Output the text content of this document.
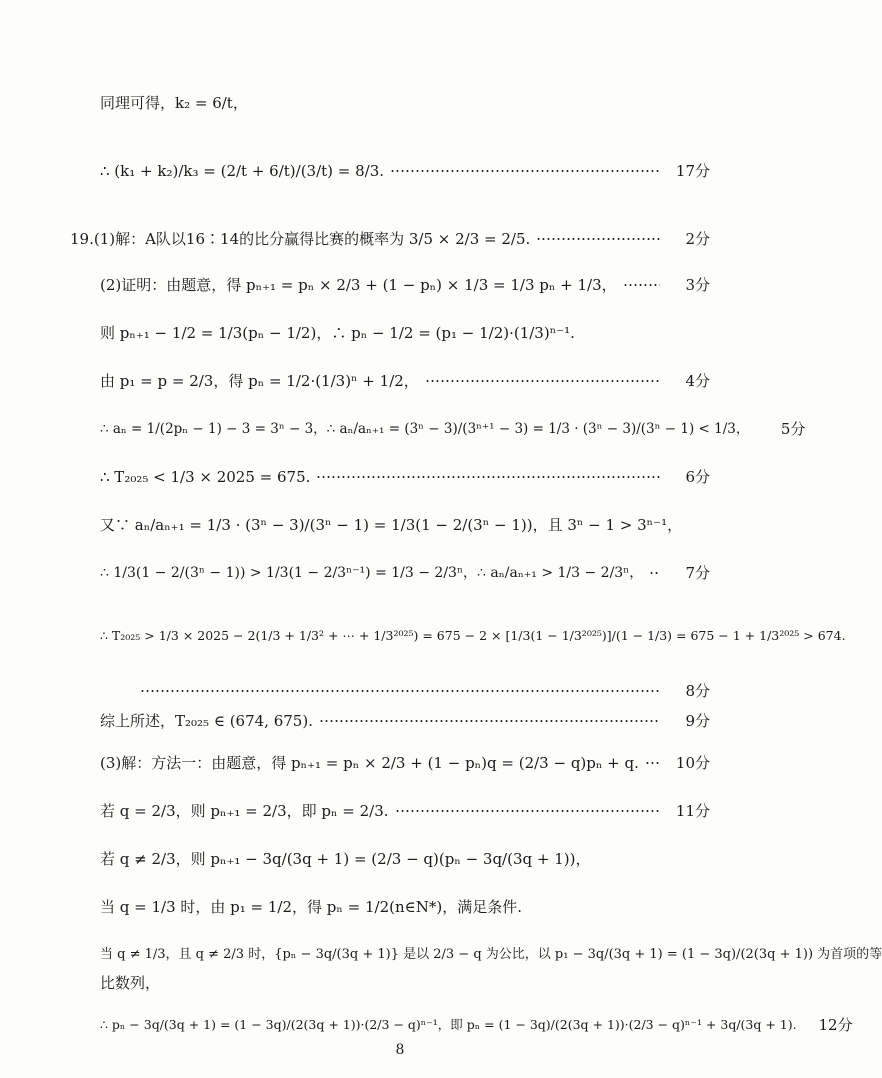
同理可得，k₂ = 6/t，
∴ (k₁ + k₂)/k₃ = (2/t + 6/t)/(3/t) = 8/3.	17分
19.(1)解：A队以16∶14的比分赢得比赛的概率为 3/5 × 2/3 = 2/5.	2分
(2)证明：由题意，得 pₙ₊₁ = pₙ × 2/3 + (1 − pₙ) × 1/3 = 1/3 pₙ + 1/3，	3分
则 pₙ₊₁ − 1/2 = 1/3(pₙ − 1/2)，∴ pₙ − 1/2 = (p₁ − 1/2)·(1/3)ⁿ⁻¹.
由 p₁ = p = 2/3，得 pₙ = 1/2·(1/3)ⁿ + 1/2，	4分
∴ aₙ = 1/(2pₙ − 1) − 3 = 3ⁿ − 3，∴ aₙ/aₙ₊₁ = (3ⁿ − 3)/(3ⁿ⁺¹ − 3) = 1/3 · (3ⁿ − 3)/(3ⁿ − 1) < 1/3，	5分
∴ T₂₀₂₅ < 1/3 × 2025 = 675.	6分
又∵ aₙ/aₙ₊₁ = 1/3 · (3ⁿ − 3)/(3ⁿ − 1) = 1/3(1 − 2/(3ⁿ − 1))，且 3ⁿ − 1 > 3ⁿ⁻¹，
∴ 1/3(1 − 2/(3ⁿ − 1)) > 1/3(1 − 2/3ⁿ⁻¹) = 1/3 − 2/3ⁿ，∴ aₙ/aₙ₊₁ > 1/3 − 2/3ⁿ，	7分
∴ T₂₀₂₅ > 1/3 × 2025 − 2(1/3 + 1/3² + ⋯ + 1/3²⁰²⁵) = 675 − 2 × [1/3(1 − 1/3²⁰²⁵)]/(1 − 1/3) = 675 − 1 + 1/3²⁰²⁵ > 674.
8分
综上所述，T₂₀₂₅ ∈ (674, 675).	9分
(3)解：方法一：由题意，得 pₙ₊₁ = pₙ × 2/3 + (1 − pₙ)q = (2/3 − q)pₙ + q.	10分
若 q = 2/3，则 pₙ₊₁ = 2/3，即 pₙ = 2/3.	11分
若 q ≠ 2/3，则 pₙ₊₁ − 3q/(3q + 1) = (2/3 − q)(pₙ − 3q/(3q + 1))，
当 q = 1/3 时，由 p₁ = 1/2，得 pₙ = 1/2(n∈N*)，满足条件.
当 q ≠ 1/3，且 q ≠ 2/3 时，{pₙ − 3q/(3q + 1)} 是以 2/3 − q 为公比，以 p₁ − 3q/(3q + 1) = (1 − 3q)/(2(3q + 1)) 为首项的等
比数列，
∴ pₙ − 3q/(3q + 1) = (1 − 3q)/(2(3q + 1))·(2/3 − q)ⁿ⁻¹，即 pₙ = (1 − 3q)/(2(3q + 1))·(2/3 − q)ⁿ⁻¹ + 3q/(3q + 1).	12分
8
